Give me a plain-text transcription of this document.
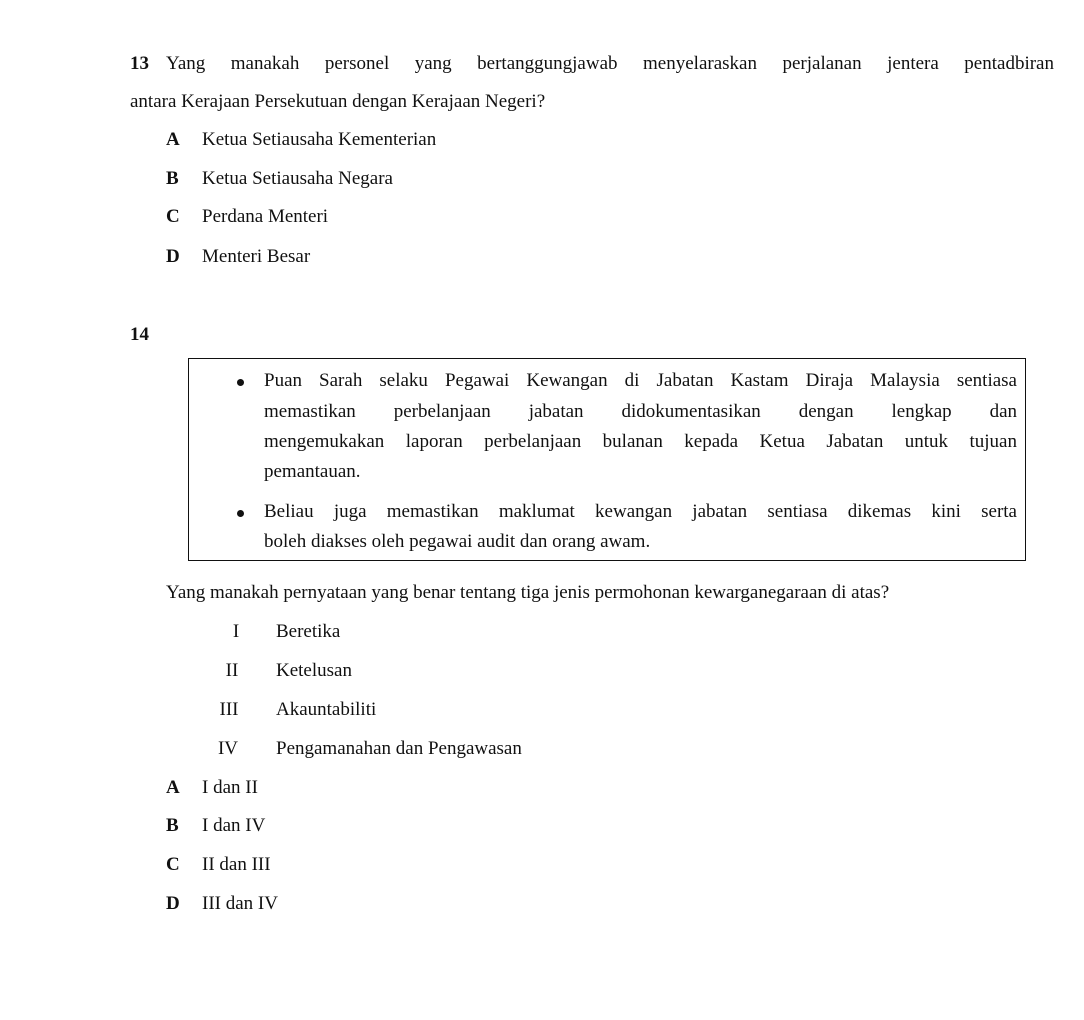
13 Yang manakah personel yang bertanggungjawab menyelaraskan perjalanan jentera pentadbiran
antara Kerajaan Persekutuan dengan Kerajaan Negeri?
A Ketua Setiausaha Kementerian
B Ketua Setiausaha Negara
C Perdana Menteri
D Menteri Besar
14
Puan Sarah selaku Pegawai Kewangan di Jabatan Kastam Diraja Malaysia sentiasa
memastikan perbelanjaan jabatan didokumentasikan dengan lengkap dan
mengemukakan laporan perbelanjaan bulanan kepada Ketua Jabatan untuk tujuan
pemantauan.
Beliau juga memastikan maklumat kewangan jabatan sentiasa dikemas kini serta
boleh diakses oleh pegawai audit dan orang awam.
Yang manakah pernyataan yang benar tentang tiga jenis permohonan kewarganegaraan di atas?
I	Beretika
II	Ketelusan
III	Akauntabiliti
IV	Pengamanahan dan Pengawasan
A I dan II
B I dan IV
C II dan III
D III dan IV
